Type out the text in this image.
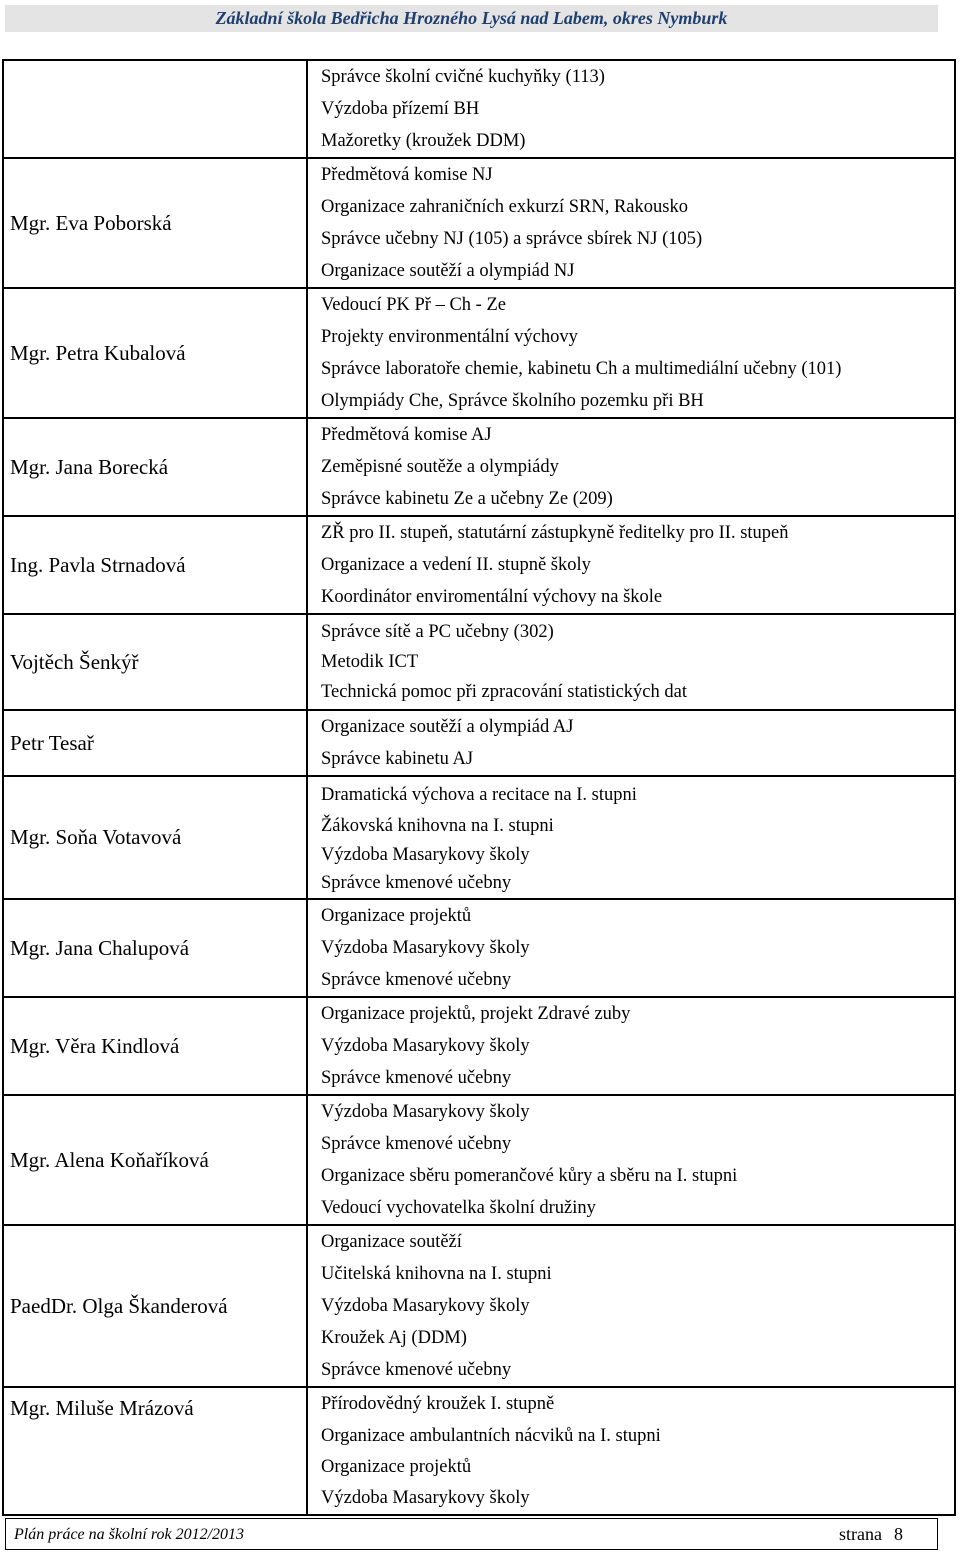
Základní škola Bedřicha Hrozného Lysá nad Labem, okres Nymburk

	Správce školní cvičné kuchyňky (113)
Výzdoba přízemí BH
Mažoretky (kroužek DDM)

Mgr. Eva Poborská	Předmětová komise NJ
Organizace zahraničních exkurzí SRN, Rakousko
Správce učebny NJ (105) a správce sbírek NJ (105)
Organizace soutěží a olympiád NJ

Mgr. Petra Kubalová	Vedoucí PK Př – Ch - Ze
Projekty environmentální výchovy
Správce laboratoře chemie, kabinetu Ch a multimediální učebny (101)
Olympiády Che, Správce školního pozemku při BH

Mgr. Jana Borecká	Předmětová komise AJ
Zeměpisné soutěže a olympiády
Správce kabinetu Ze a učebny Ze (209)

Ing. Pavla Strnadová	ZŘ pro II. stupeň, statutární zástupkyně ředitelky pro II. stupeň
Organizace a vedení II. stupně školy
Koordinátor enviromentální výchovy na škole

Vojtěch Šenkýř	Správce sítě a PC učebny (302)
Metodik ICT
Technická pomoc při zpracování statistických dat

Petr Tesař	Organizace soutěží a olympiád AJ
Správce kabinetu AJ

Mgr. Soňa Votavová	Dramatická výchova a recitace na I. stupni
Žákovská knihovna na I. stupni
Výzdoba Masarykovy školy
Správce kmenové učebny

Mgr. Jana Chalupová	Organizace projektů
Výzdoba Masarykovy školy
Správce kmenové učebny

Mgr. Věra Kindlová	Organizace projektů, projekt Zdravé zuby
Výzdoba Masarykovy školy
Správce kmenové učebny

Mgr. Alena Koňaříková	Výzdoba Masarykovy školy
Správce kmenové učebny
Organizace sběru pomerančové kůry a sběru na I. stupni
Vedoucí vychovatelka školní družiny

PaedDr. Olga Škanderová	Organizace soutěží
Učitelská knihovna na I. stupni
Výzdoba Masarykovy školy
Kroužek Aj (DDM)
Správce kmenové učebny

Mgr. Miluše Mrázová	Přírodovědný kroužek I. stupně
Organizace ambulantních nácviků na I. stupni
Organizace projektů
Výzdoba Masarykovy školy
Plán práce na školní rok 2012/2013	strana 8
